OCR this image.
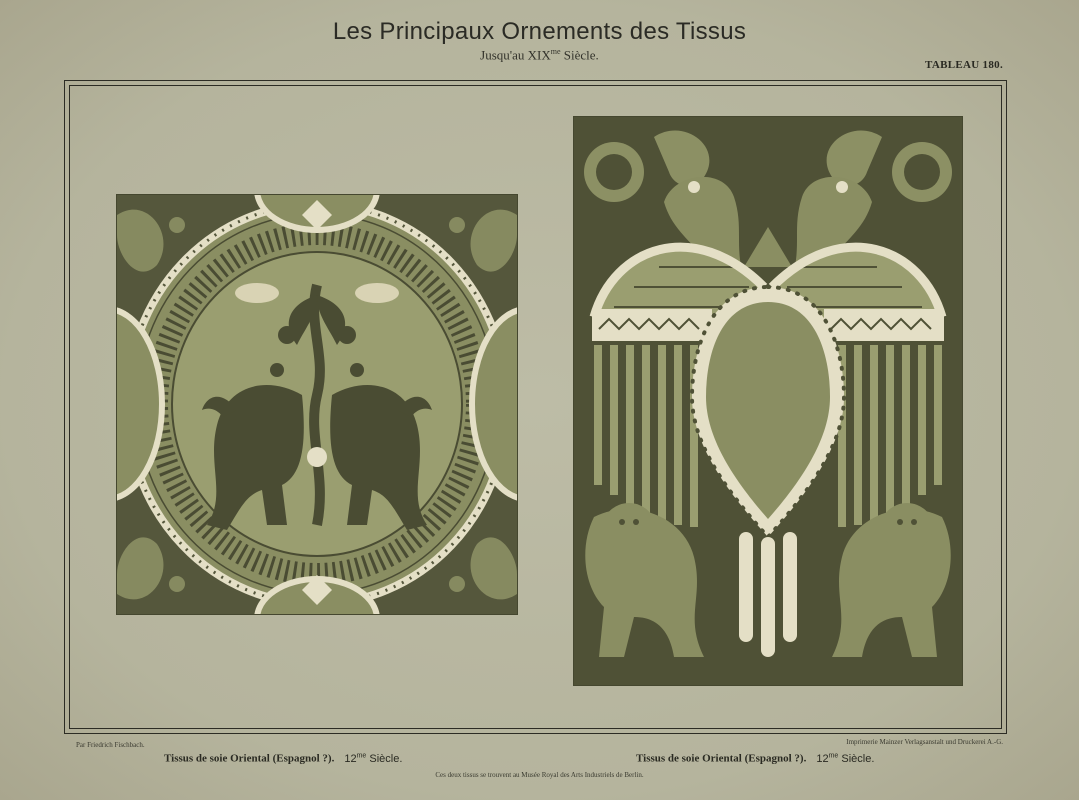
Les Principaux Ornements des Tissus
Jusqu'au $XIX^{me}$ Siècle.
TABLEAU 180.
Par Friedrich Fischbach.	Imprimerie Mainzer Verlagsanstalt und Druckerei A.-G.
Tissus de soie Oriental (Espagnol ?). $12^{me}$ Siècle.	Tissus de soie Oriental (Espagnol ?). $12^{me}$ Siècle.
Ces deux tissus se trouvent au Musée Royal des Arts Industriels de Berlin.
